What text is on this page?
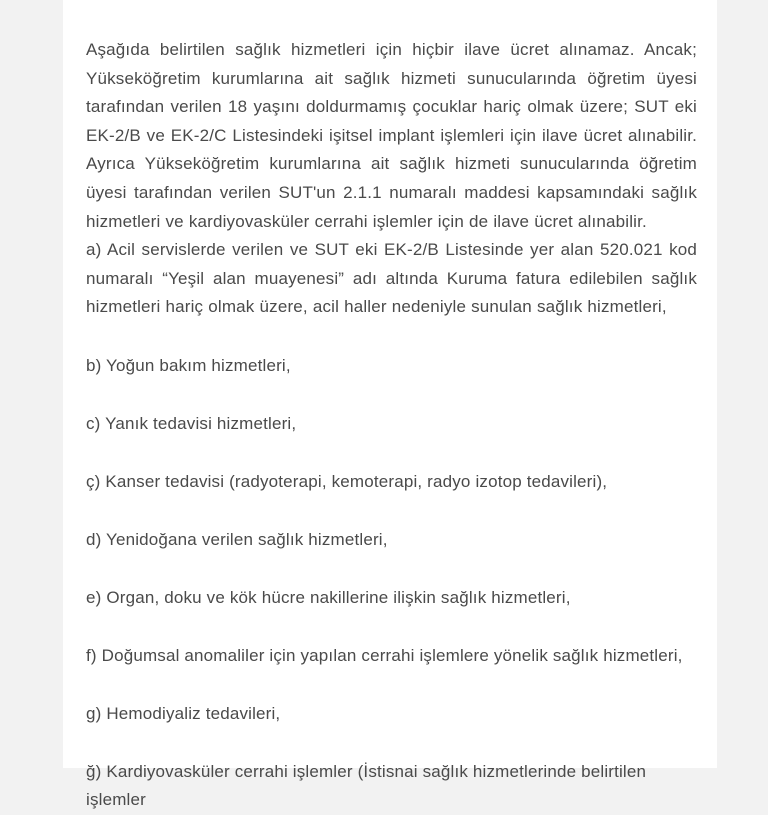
Aşağıda belirtilen sağlık hizmetleri için hiçbir ilave ücret alınamaz. Ancak; Yükseköğretim kurumlarına ait sağlık hizmeti sunucularında öğretim üyesi tarafından verilen 18 yaşını doldurmamış çocuklar hariç olmak üzere; SUT eki EK-2/B ve EK-2/C Listesindeki işitsel implant işlemleri için ilave ücret alınabilir. Ayrıca Yükseköğretim kurumlarına ait sağlık hizmeti sunucularında öğretim üyesi tarafından verilen SUT'un 2.1.1 numaralı maddesi kapsamındaki sağlık hizmetleri ve kardiyovasküler cerrahi işlemler için de ilave ücret alınabilir.

a) Acil servislerde verilen ve SUT eki EK-2/B Listesinde yer alan 520.021 kod numaralı “Yeşil alan muayenesi” adı altında Kuruma fatura edilebilen sağlık hizmetleri hariç olmak üzere, acil haller nedeniyle sunulan sağlık hizmetleri,

b) Yoğun bakım hizmetleri,

c) Yanık tedavisi hizmetleri,

ç) Kanser tedavisi (radyoterapi, kemoterapi, radyo izotop tedavileri),

d) Yenidoğana verilen sağlık hizmetleri,

e) Organ, doku ve kök hücre nakillerine ilişkin sağlık hizmetleri,

f) Doğumsal anomaliler için yapılan cerrahi işlemlere yönelik sağlık hizmetleri,

g) Hemodiyaliz tedavileri,

ğ) Kardiyovasküler cerrahi işlemler (İstisnai sağlık hizmetlerinde belirtilen işlemler
